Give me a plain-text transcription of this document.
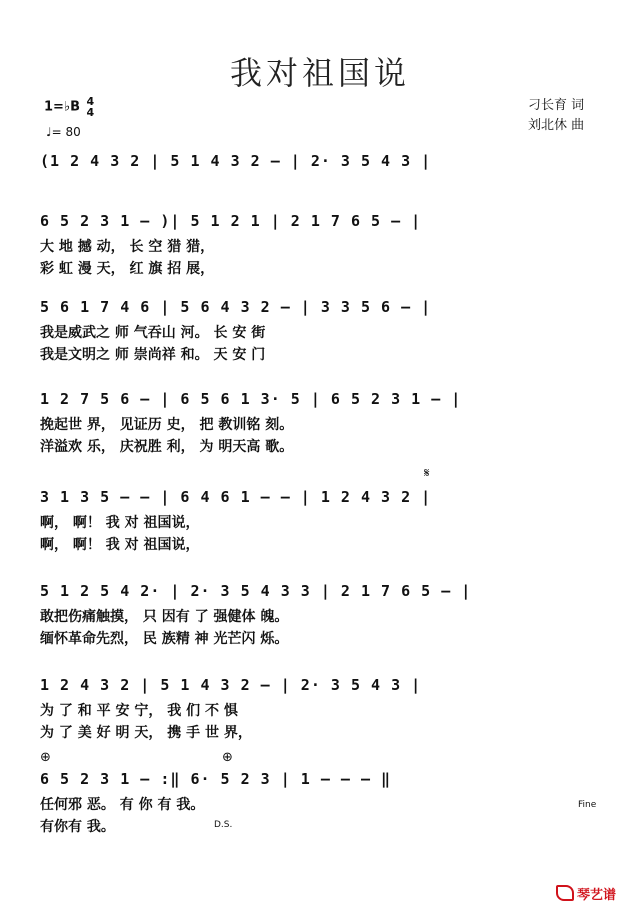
我对祖国说
1=♭B 4
4
♩= 80
刁长育 词
刘北休 曲
(1 2 4 3 2 | 5 1 4 3 2 – | 2· 3 5 4 3 |
6 5 2 3 1 – )| 5 1 2 1 | 2 1 7 6 5 – |
大 地 撼 动， 长 空 猎 猎，
彩 虹 漫 天， 红 旗 招 展，
5 6 1 7 4 6 | 5 6 4 3 2 – | 3 3 5 6 – |
我是威武之 师 气吞山 河。 长 安 街
我是文明之 师 崇尚祥 和。 天 安 门
1 2 7 5 6 – | 6 5 6 1 3· 5 | 6 5 2 3 1 – |
挽起世 界， 见证历 史， 把 教训铭 刻。
洋溢欢 乐， 庆祝胜 利， 为 明天高 歌。
𝄋
3 1 3 5 – – | 6 4 6 1 – – | 1 2 4 3 2 |
啊， 啊！ 我 对 祖国说，
啊， 啊！ 我 对 祖国说，
5 1 2 5 4 2· | 2· 3 5 4 3 3 | 2 1 7 6 5 – |
敢把伤痛触摸， 只 因有 了 强健体 魄。
缅怀革命先烈， 民 族精 神 光芒闪 烁。
1 2 4 3 2 | 5 1 4 3 2 – | 2· 3 5 4 3 |
为 了 和 平 安 宁， 我 们 不 惧
为 了 美 好 明 天， 携 手 世 界，
⊕	⊕
6 5 2 3 1 – :‖ 6· 5 2 3 | 1 – – – ‖
任何邪 恶。 有 你 有 我。
有你有 我。
Fine
D.S.
琴艺谱
